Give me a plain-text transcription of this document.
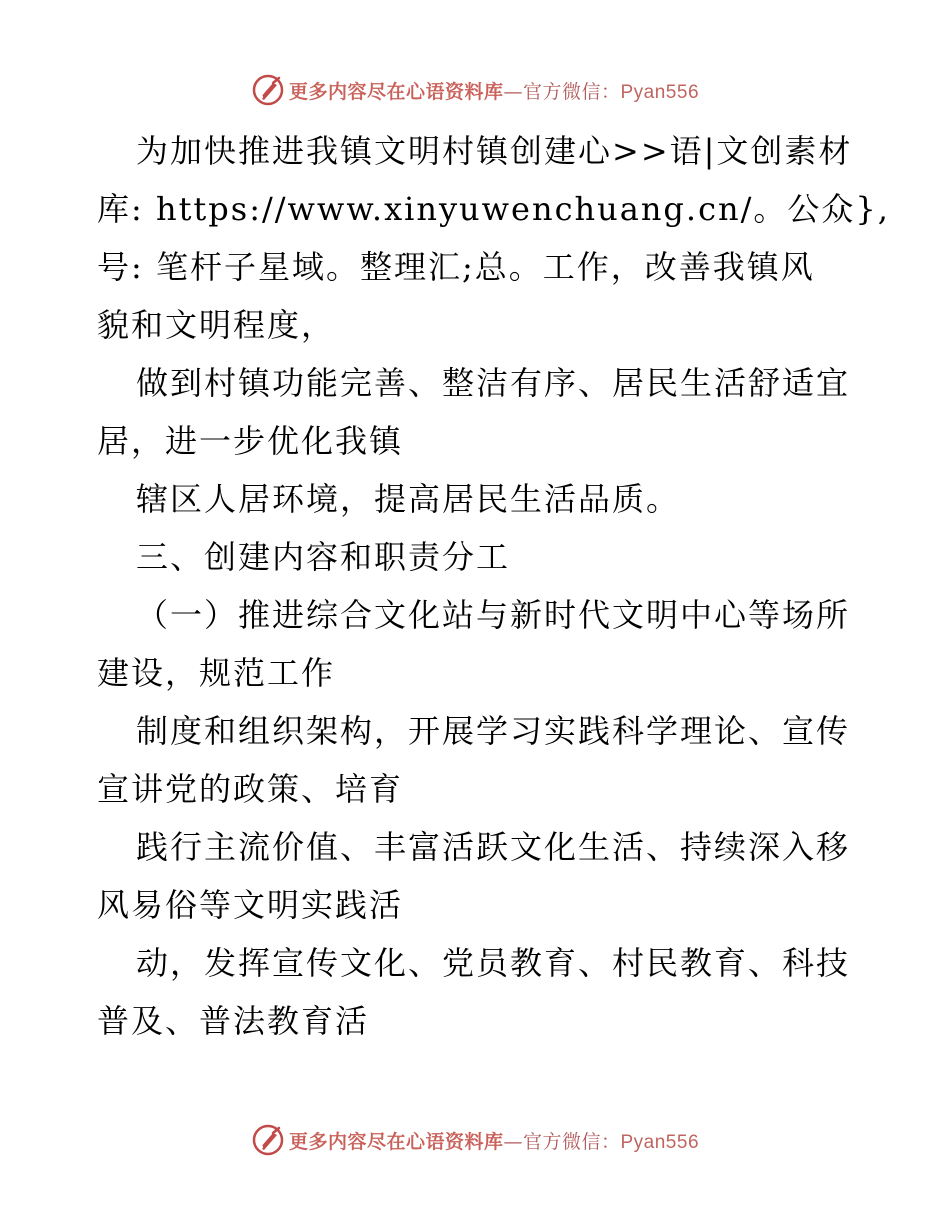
更多内容尽在心语资料库—官方微信：Pyan556
为加快推进我镇文明村镇创建心>>语|文创素材
库: https://www.xinyuwenchuang.cn/。公众},
号: 笔杆子星域。整理汇;总。工作，改善我镇风
貌和文明程度，
做到村镇功能完善、整洁有序、居民生活舒适宜
居，进一步优化我镇
辖区人居环境，提高居民生活品质。
三、创建内容和职责分工
（一）推进综合文化站与新时代文明中心等场所
建设，规范工作
制度和组织架构，开展学习实践科学理论、宣传
宣讲党的政策、培育
践行主流价值、丰富活跃文化生活、持续深入移
风易俗等文明实践活
动，发挥宣传文化、党员教育、村民教育、科技
普及、普法教育活
更多内容尽在心语资料库—官方微信：Pyan556
